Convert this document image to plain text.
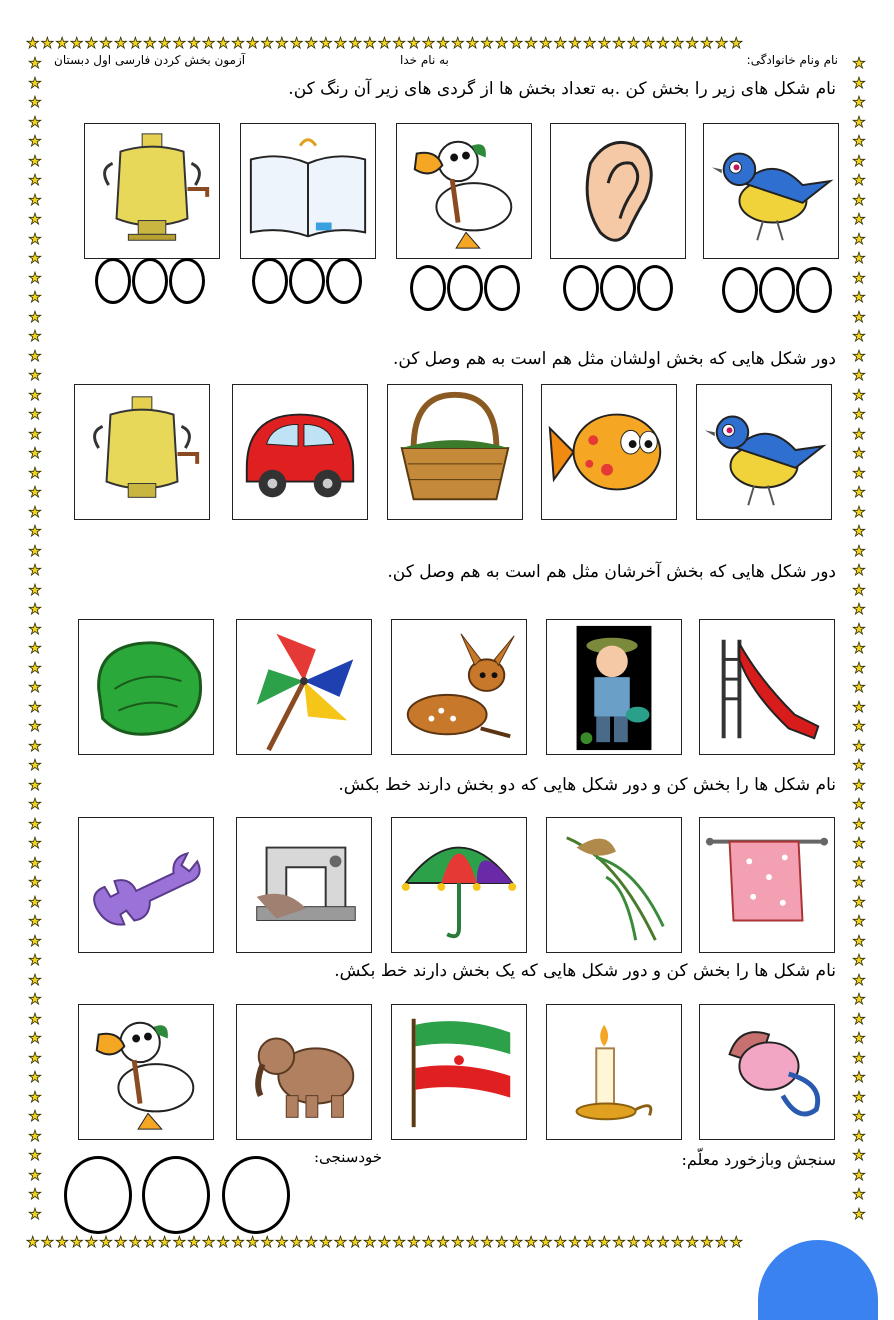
★★★★★★★★★★★★★★★★★★★★★★★★★★★★★★★★★★★★★★★★★★★★★★★★★
★★★★★★★★★★★★★★★★★★★★★★★★★★★★★★★★★★★★★★★★★★★★★★★★★
★
★
★
★
★
★
★
★
★
★
★
★
★
★
★
★
★
★
★
★
★
★
★
★
★
★
★
★
★
★
★
★
★
★
★
★
★
★
★
★
★
★
★
★
★
★
★
★
★
★
★
★
★
★
★
★
★
★
★
★
★
★
★
★
★
★
★
★
★
★
★
★
★
★
★
★
★
★
★
★
★
★
★
★
★
★
★
★
★
★
★
★
★
★
★
★
★
★
★
★
★
★
★
★
★
★
★
★
★
★
★
★
★
★
★
★
★
★
★
★
نام ونام خانوادگی:
به نام خدا
آزمون بخش کردن فارسی اول دبستان
نام شکل های زیر را بخش کن .به تعداد بخش ها از گردی های زیر آن رنگ کن.
دور شکل هایی که بخش اولشان مثل هم است به هم وصل کن.
دور شکل هایی که بخش آخرشان مثل هم است به هم وصل کن.
نام شکل ها را بخش کن و دور شکل هایی که دو بخش دارند خط بکش.
نام شکل ها را بخش کن و دور شکل هایی که یک بخش دارند خط بکش.
سنجش وبازخورد معلّم:
خودسنجی:
